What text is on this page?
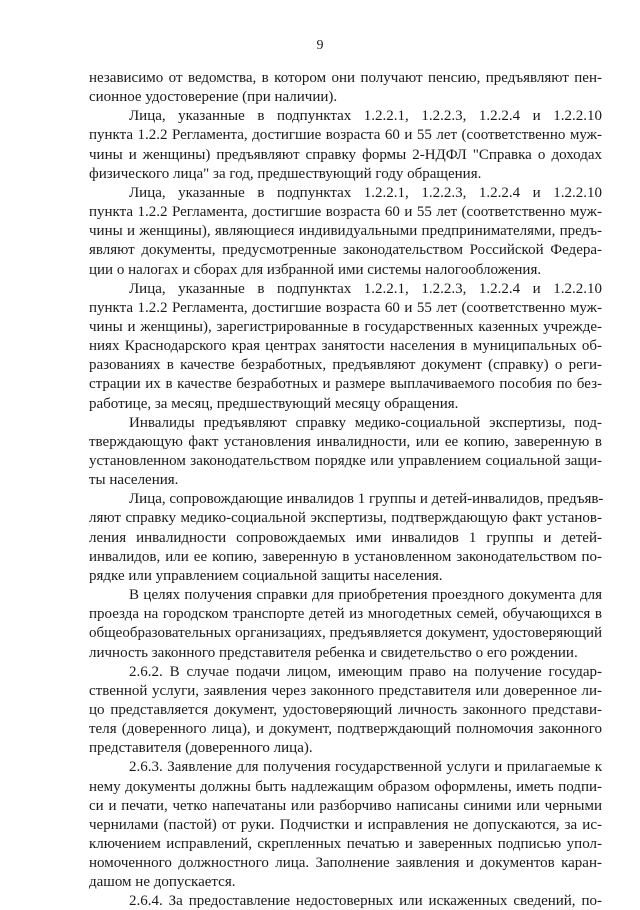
9
независимо от ведомства, в котором они получают пенсию, предъявляют пен-
сионное удостоверение (при наличии).
Лица, указанные в подпунктах 1.2.2.1, 1.2.2.3, 1.2.2.4 и 1.2.2.10
пункта 1.2.2 Регламента, достигшие возраста 60 и 55 лет (соответственно муж-
чины и женщины) предъявляют справку формы 2-НДФЛ "Справка о доходах
физического лица" за год, предшествующий году обращения.
Лица, указанные в подпунктах 1.2.2.1, 1.2.2.3, 1.2.2.4 и 1.2.2.10
пункта 1.2.2 Регламента, достигшие возраста 60 и 55 лет (соответственно муж-
чины и женщины), являющиеся индивидуальными предпринимателями, предъ-
являют документы, предусмотренные законодательством Российской Федера-
ции о налогах и сборах для избранной ими системы налогообложения.
Лица, указанные в подпунктах 1.2.2.1, 1.2.2.3, 1.2.2.4 и 1.2.2.10
пункта 1.2.2 Регламента, достигшие возраста 60 и 55 лет (соответственно муж-
чины и женщины), зарегистрированные в государственных казенных учрежде-
ниях Краснодарского края центрах занятости населения в муниципальных об-
разованиях в качестве безработных, предъявляют документ (справку) о реги-
страции их в качестве безработных и размере выплачиваемого пособия по без-
работице, за месяц, предшествующий месяцу обращения.
Инвалиды предъявляют справку медико-социальной экспертизы, под-
тверждающую факт установления инвалидности, или ее копию, заверенную в
установленном законодательством порядке или управлением социальной защи-
ты населения.
Лица, сопровождающие инвалидов 1 группы и детей-инвалидов, предъяв-
ляют справку медико-социальной экспертизы, подтверждающую факт установ-
ления инвалидности сопровождаемых ими инвалидов 1 группы и детей-
инвалидов, или ее копию, заверенную в установленном законодательством по-
рядке или управлением социальной защиты населения.
В целях получения справки для приобретения проездного документа для
проезда на городском транспорте детей из многодетных семей, обучающихся в
общеобразовательных организациях, предъявляется документ, удостоверяющий
личность законного представителя ребенка и свидетельство о его рождении.
2.6.2. В случае подачи лицом, имеющим право на получение государ-
ственной услуги, заявления через законного представителя или доверенное ли-
цо представляется документ, удостоверяющий личность законного представи-
теля (доверенного лица), и документ, подтверждающий полномочия законного
представителя (доверенного лица).
2.6.3. Заявление для получения государственной услуги и прилагаемые к
нему документы должны быть надлежащим образом оформлены, иметь подпи-
си и печати, четко напечатаны или разборчиво написаны синими или черными
чернилами (пастой) от руки. Подчистки и исправления не допускаются, за ис-
ключением исправлений, скрепленных печатью и заверенных подписью упол-
номоченного должностного лица. Заполнение заявления и документов каран-
дашом не допускается.
2.6.4. За предоставление недостоверных или искаженных сведений, по-
